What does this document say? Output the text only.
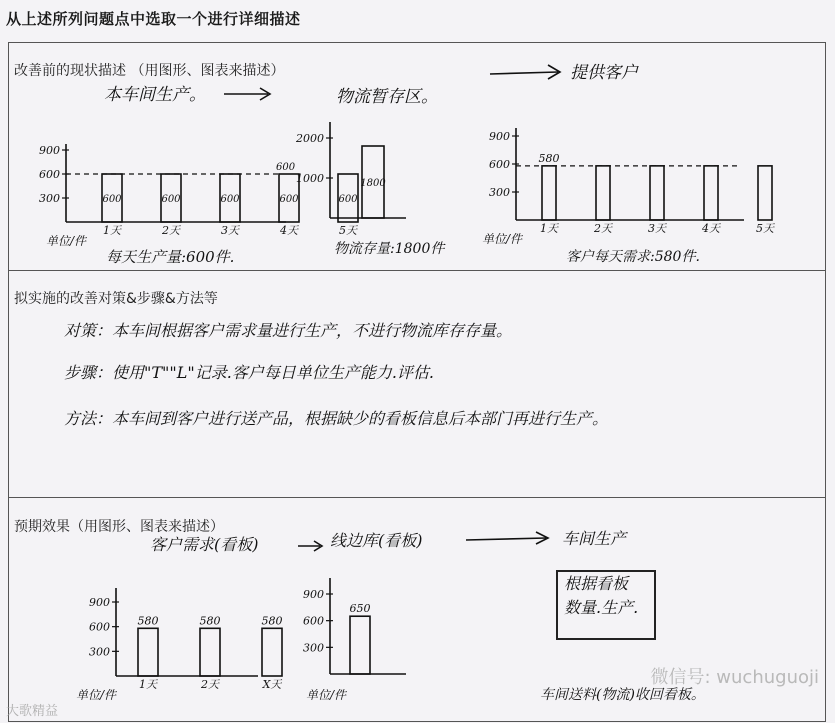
从上述所列问题点中选取一个进行详细描述
改善前的现状描述 （用图形、图表来描述）
本车间生产。	物流暂存区。
提供客户
300
600
900
600
600
1天
600
2天
600
3天
600
4天
600
5天
1000
2000
1800
300
600
900
580
1天	2天	3天	4天	5天
单位/件
每天生产量:600件.	物流存量:1800件
单位/件
客户每天需求:580件.
拟实施的改善对策&步骤&方法等
对策：本车间根据客户需求量进行生产，不进行物流库存存量。
步骤：使用"T""L"记录.客户每日单位生产能力.评估.
方法：本车间到客户进行送产品，根据缺少的看板信息后本部门再进行生产。
预期效果（用图形、图表来描述）
客户需求(看板)	线边库(看板)	车间生产
300
600
900
580
1天
580
2天
580
X天
300
600
900
650
根据看板
数量.生产.
单位/件	单位/件	车间送料(物流)收回看板。
微信号: wuchuguoji
大歌精益
